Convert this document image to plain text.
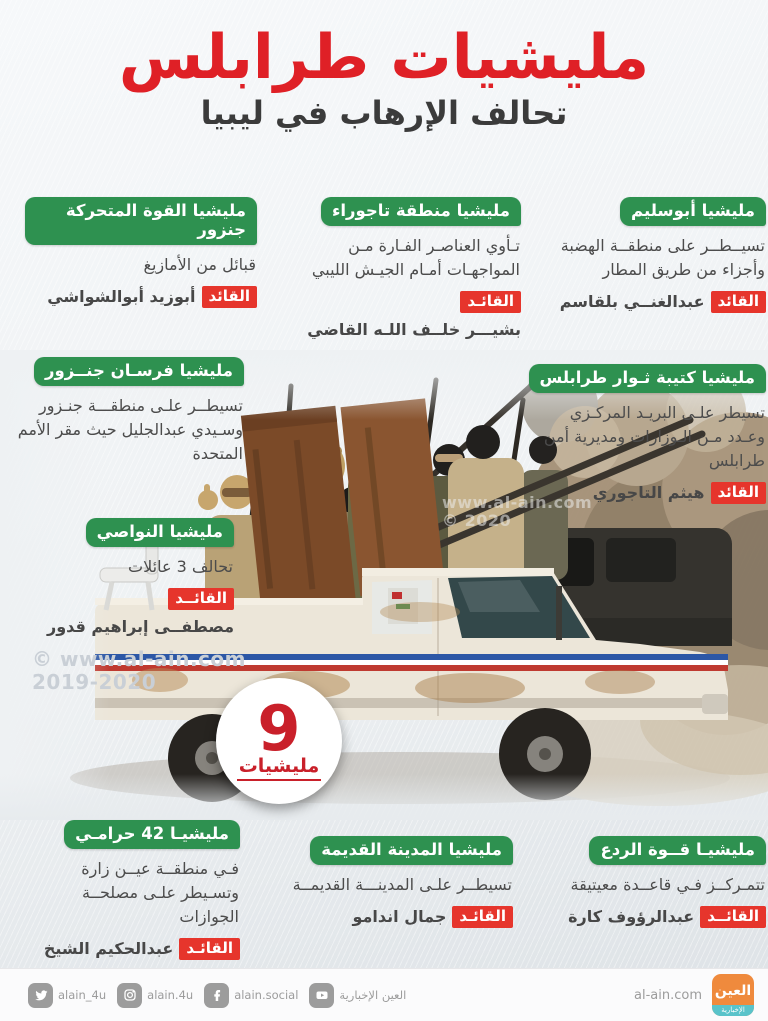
مليشيات طرابلس
تحالف الإرهاب في ليبيا
مليشيا أبوسليم

تسيــطــر على منطقــة الهضبة وأجزاء من طريق المطار

القائد
عبدالغنــي بلقاسم
مليشيا منطقة تاجوراء

تـأوي العناصـر الفـارة مـن المواجهـات أمـام الجيـش الليبي

القائـد
بشيـــر خلــف اللـه القاضي
مليشيا القوة المتحركة جنزور

قبائل من الأمازيغ

القائد
أبوزيد أبوالشواشي
مليشيا فرسـان جنــزور

تسيطــر علـى منطقـــة جنـزور وسـيدي عبدالجليل حيث مقر الأمم المتحدة

مليشيا كتيبة ثـوار طرابلس

تسيطر علـى البريـد المركـزي وعـدد مـن الـوزارات ومديرية أمن طرابلس

القائد
هيثم التاجوري
مليشيا النواصي

تحالف 3 عائلات

القائــد
مصطفــى إبراهيم قدور
مليشيـا 42 حرامـي

فـي منطقــة عيــن زارة وتسـيطر علـى مصلحــة الجوازات

القائـد
عبدالحكيم الشيخ
مليشيا المدينة القديمة

تسيطــر علـى المدينـــة القديمــة

القائـد
جمال اندامو
مليشيـا قــوة الردع

تتمـركــز فـي قاعــدة معيتيقة

القائــد
عبدالرؤوف كارة
9
مليشيات
© www.al-ain.com
2019-2020
www.al-ain.com
© 2020
alain_4u	alain.4u	alain.social	العين الإخبارية	al-ain.com العين
الإخبارية
